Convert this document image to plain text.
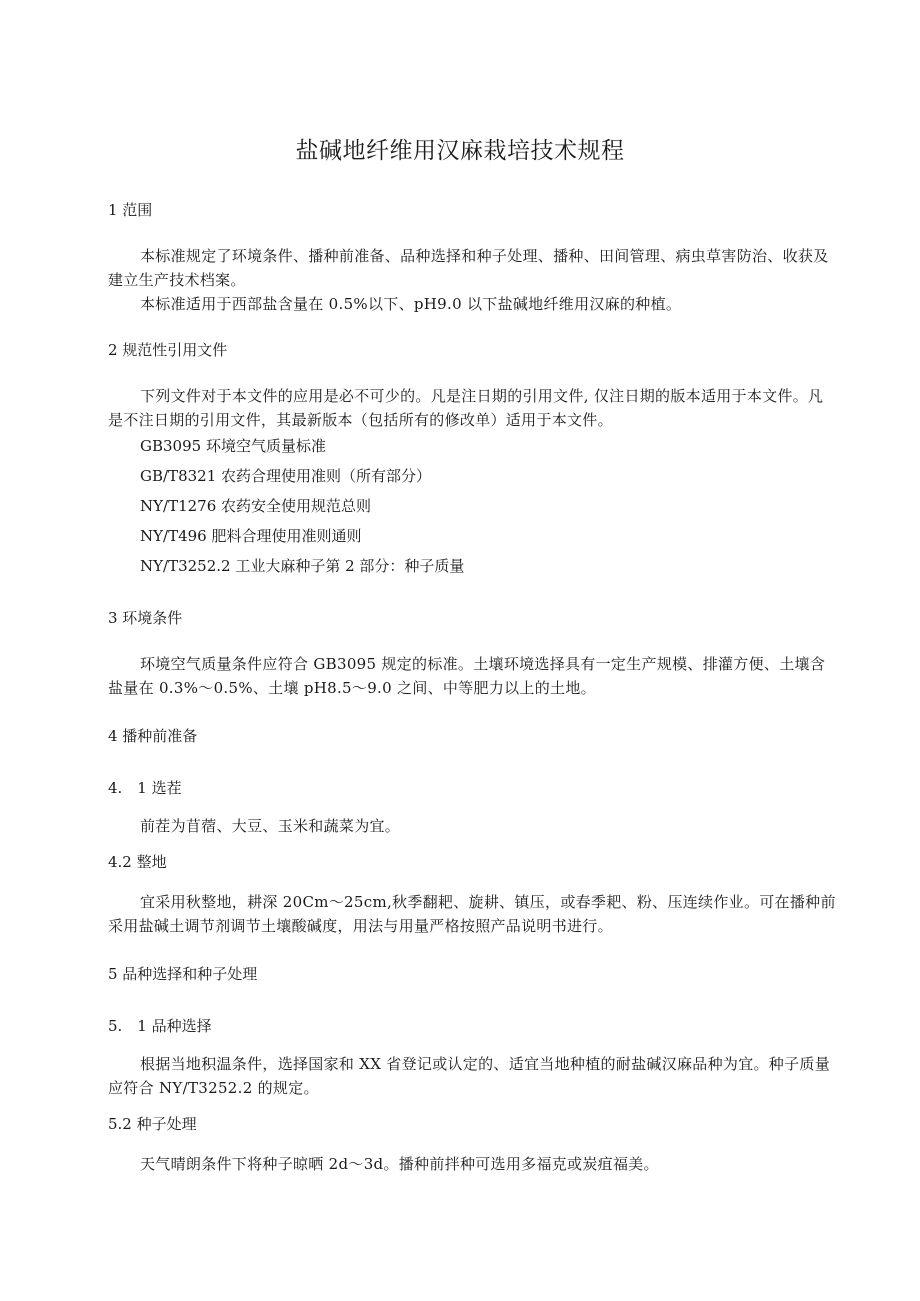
盐碱地纤维用汉麻栽培技术规程
1 范围
本标准规定了环境条件、播种前准备、品种选择和种子处理、播种、田间管理、病虫草害防治、收获及建立生产技术档案。
本标准适用于西部盐含量在 0.5%以下、pH9.0 以下盐碱地纤维用汉麻的种植。
2 规范性引用文件
下列文件对于本文件的应用是必不可少的。凡是注日期的引用文件, 仅注日期的版本适用于本文件。凡是不注日期的引用文件，其最新版本（包括所有的修改单）适用于本文件。
GB3095 环境空气质量标准
GB/T8321 农药合理使用准则（所有部分）
NY/T1276 农药安全使用规范总则
NY/T496 肥料合理使用准则通则
NY/T3252.2 工业大麻种子第 2 部分：种子质量
3 环境条件
环境空气质量条件应符合 GB3095 规定的标准。土壤环境选择具有一定生产规模、排灌方便、土壤含盐量在 0.3%～0.5%、土壤 pH8.5～9.0 之间、中等肥力以上的土地。
4 播种前准备
4.　1 选茬
前茬为苜蓿、大豆、玉米和蔬菜为宜。
4.2 整地
宜采用秋整地，耕深 20Cm～25cm,秋季翻耙、旋耕、镇压，或春季耙、粉、压连续作业。可在播种前采用盐碱土调节剂调节土壤酸碱度，用法与用量严格按照产品说明书进行。
5 品种选择和种子处理
5.　1 品种选择
根据当地积温条件，选择国家和 XX 省登记或认定的、适宜当地种植的耐盐碱汉麻品种为宜。种子质量应符合 NY/T3252.2 的规定。
5.2 种子处理
天气晴朗条件下将种子晾晒 2d～3d。播种前拌种可选用多福克或炭疽福美。
